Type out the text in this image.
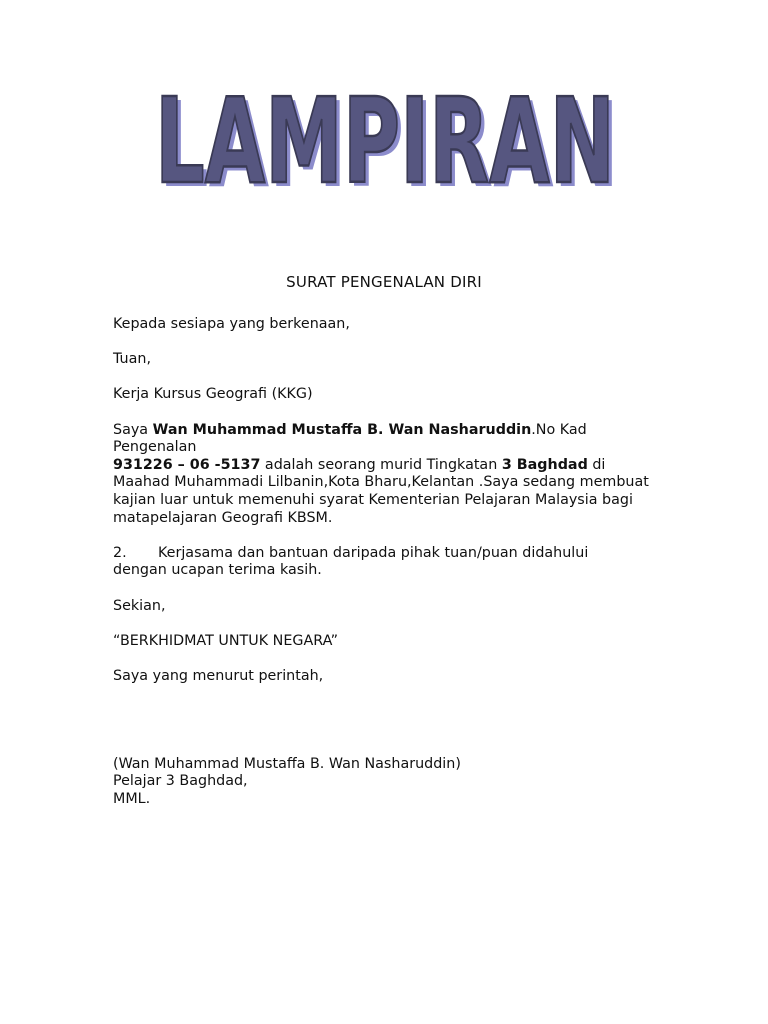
LAMPIRAN
LAMPIRAN
SURAT PENGENALAN DIRI

Kepada sesiapa yang berkenaan,

Tuan,

Kerja Kursus Geografi (KKG)

Saya Wan Muhammad Mustaffa B. Wan Nasharuddin.No Kad
Pengenalan
931226 – 06 -5137 adalah seorang murid Tingkatan 3 Baghdad di
Maahad Muhammadi Lilbanin,Kota Bharu,Kelantan .Saya sedang membuat kajian luar untuk memenuhi syarat Kementerian Pelajaran Malaysia bagi matapelajaran Geografi KBSM.

2. Kerjasama dan bantuan daripada pihak tuan/puan didahului
dengan ucapan terima kasih.

Sekian,

“BERKHIDMAT UNTUK NEGARA”

Saya yang menurut perintah,

(Wan Muhammad Mustaffa B. Wan Nasharuddin)
Pelajar 3 Baghdad,
MML.
